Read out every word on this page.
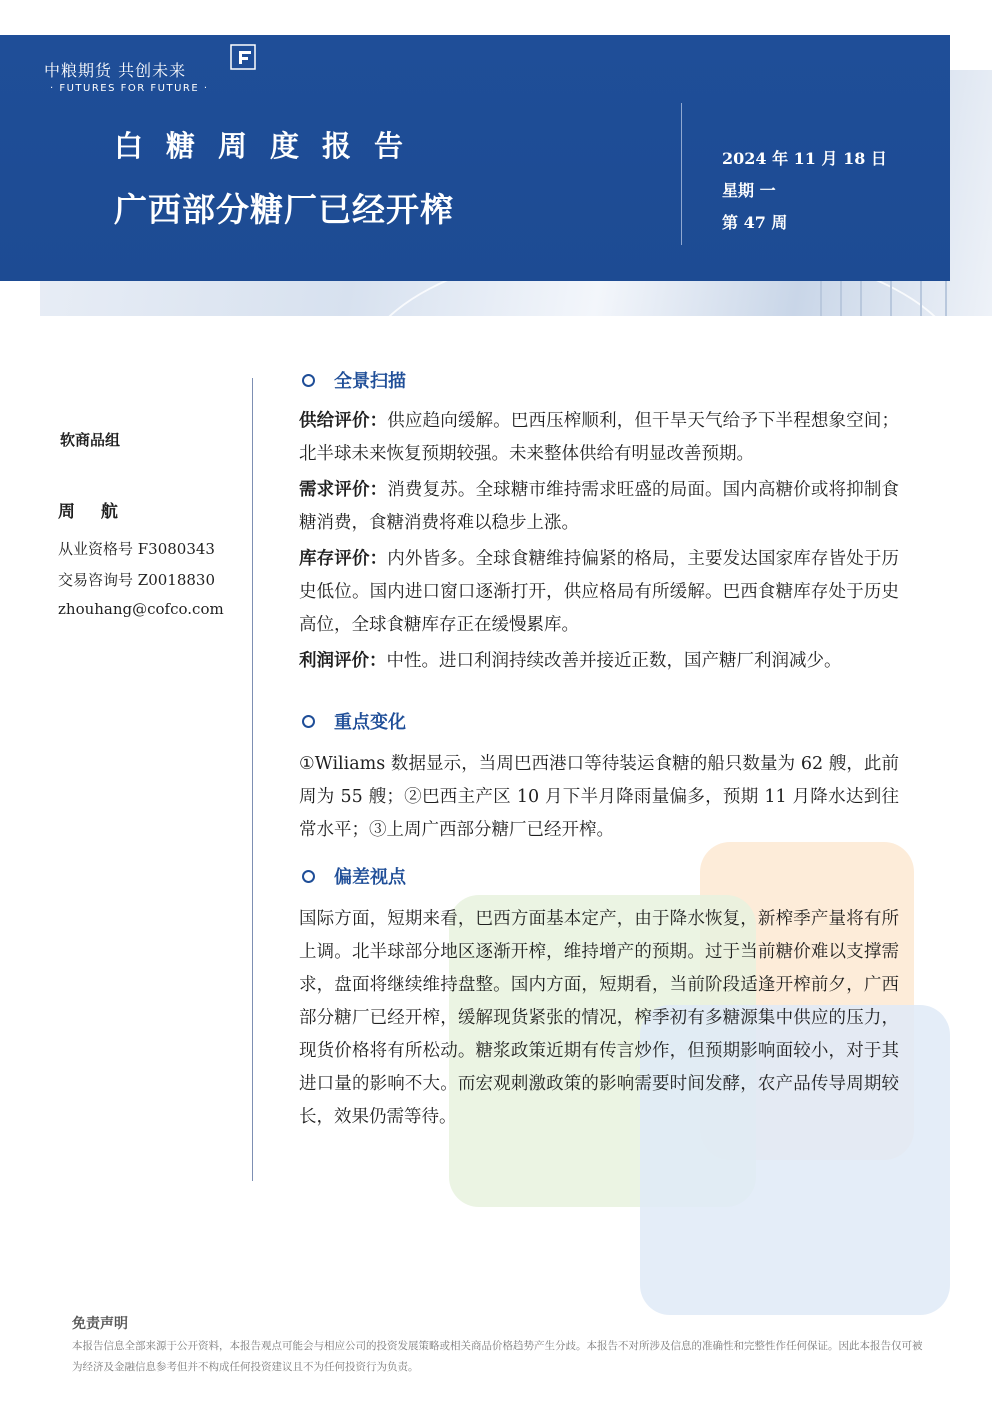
中粮期货 共创未来
· FUTURES FOR FUTURE ·
白糖周度报告
广西部分糖厂已经开榨
2024 年 11 月 18 日
星期 一
第 47 周
软商品组
周 航
从业资格号 F3080343
交易咨询号 Z0018830
zhouhang@cofco.com
全景扫描

供给评价：供应趋向缓解。巴西压榨顺利，但干旱天气给予下半程想象空间；北半球未来恢复预期较强。未来整体供给有明显改善预期。

需求评价：消费复苏。全球糖市维持需求旺盛的局面。国内高糖价或将抑制食糖消费，食糖消费将难以稳步上涨。

库存评价：内外皆多。全球食糖维持偏紧的格局，主要发达国家库存皆处于历史低位。国内进口窗口逐渐打开，供应格局有所缓解。巴西食糖库存处于历史高位，全球食糖库存正在缓慢累库。

利润评价：中性。进口利润持续改善并接近正数，国产糖厂利润减少。

重点变化

①Wiliams 数据显示，当周巴西港口等待装运食糖的船只数量为 62 艘，此前周为 55 艘；②巴西主产区 10 月下半月降雨量偏多，预期 11 月降水达到往常水平；③上周广西部分糖厂已经开榨。

偏差视点

国际方面，短期来看，巴西方面基本定产，由于降水恢复，新榨季产量将有所上调。北半球部分地区逐渐开榨，维持增产的预期。过于当前糖价难以支撑需求，盘面将继续维持盘整。国内方面，短期看，当前阶段适逢开榨前夕，广西部分糖厂已经开榨，缓解现货紧张的情况，榨季初有多糖源集中供应的压力，现货价格将有所松动。糖浆政策近期有传言炒作，但预期影响面较小，对于其进口量的影响不大。而宏观刺激政策的影响需要时间发酵，农产品传导周期较长，效果仍需等待。

免责声明
本报告信息全部来源于公开资料，本报告观点可能会与相应公司的投资发展策略或相关商品价格趋势产生分歧。本报告不对所涉及信息的准确性和完整性作任何保证。因此本报告仅可被为经济及金融信息参考但并不构成任何投资建议且不为任何投资行为负责。
